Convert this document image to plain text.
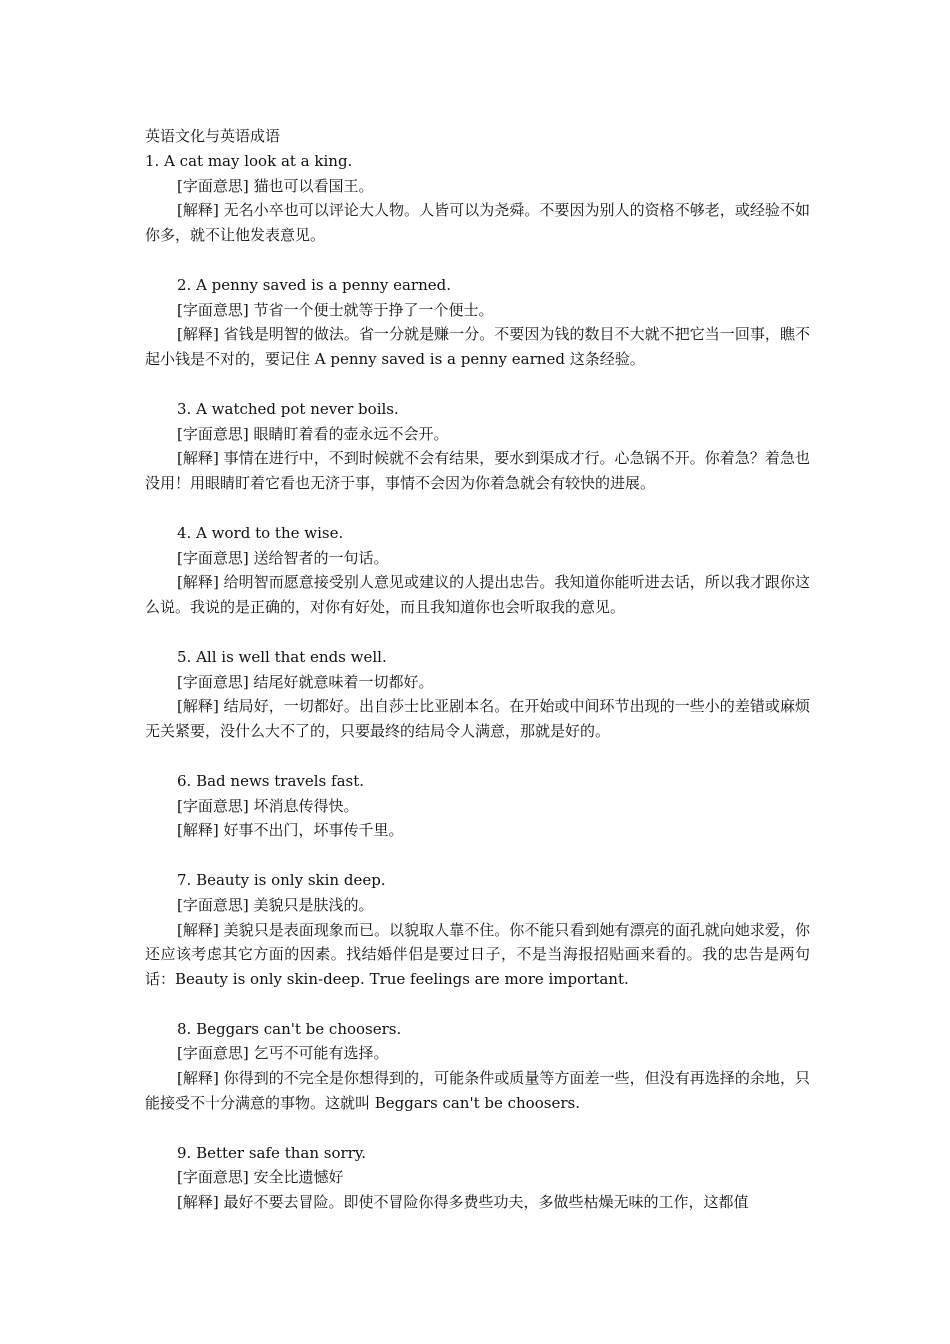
英语文化与英语成语

1. A cat may look at a king.

[字面意思] 猫也可以看国王。

[解释] 无名小卒也可以评论大人物。人皆可以为尧舜。不要因为别人的资格不够老，或经验不如你多，就不让他发表意见。

2. A penny saved is a penny earned.

[字面意思] 节省一个便士就等于挣了一个便士。

[解释] 省钱是明智的做法。省一分就是赚一分。不要因为钱的数目不大就不把它当一回事，瞧不起小钱是不对的，要记住 A penny saved is a penny earned 这条经验。

3. A watched pot never boils.

[字面意思] 眼睛盯着看的壶永远不会开。

[解释] 事情在进行中，不到时候就不会有结果，要水到渠成才行。心急锅不开。你着急？着急也没用！用眼睛盯着它看也无济于事，事情不会因为你着急就会有较快的进展。

4. A word to the wise.

[字面意思] 送给智者的一句话。

[解释] 给明智而愿意接受别人意见或建议的人提出忠告。我知道你能听进去话，所以我才跟你这么说。我说的是正确的，对你有好处，而且我知道你也会听取我的意见。

5. All is well that ends well.

[字面意思] 结尾好就意味着一切都好。

[解释] 结局好，一切都好。出自莎士比亚剧本名。在开始或中间环节出现的一些小的差错或麻烦无关紧要，没什么大不了的，只要最终的结局令人满意，那就是好的。

6. Bad news travels fast.

[字面意思] 坏消息传得快。

[解释] 好事不出门，坏事传千里。

7. Beauty is only skin deep.

[字面意思] 美貌只是肤浅的。

[解释] 美貌只是表面现象而已。以貌取人靠不住。你不能只看到她有漂亮的面孔就向她求爱，你还应该考虑其它方面的因素。找结婚伴侣是要过日子，不是当海报招贴画来看的。我的忠告是两句话：Beauty is only skin-deep. True feelings are more important.

8. Beggars can't be choosers.

[字面意思] 乞丐不可能有选择。

[解释] 你得到的不完全是你想得到的，可能条件或质量等方面差一些，但没有再选择的余地，只能接受不十分满意的事物。这就叫 Beggars can't be choosers.

9. Better safe than sorry.

[字面意思] 安全比遗憾好

[解释] 最好不要去冒险。即使不冒险你得多费些功夫，多做些枯燥无味的工作，这都值
